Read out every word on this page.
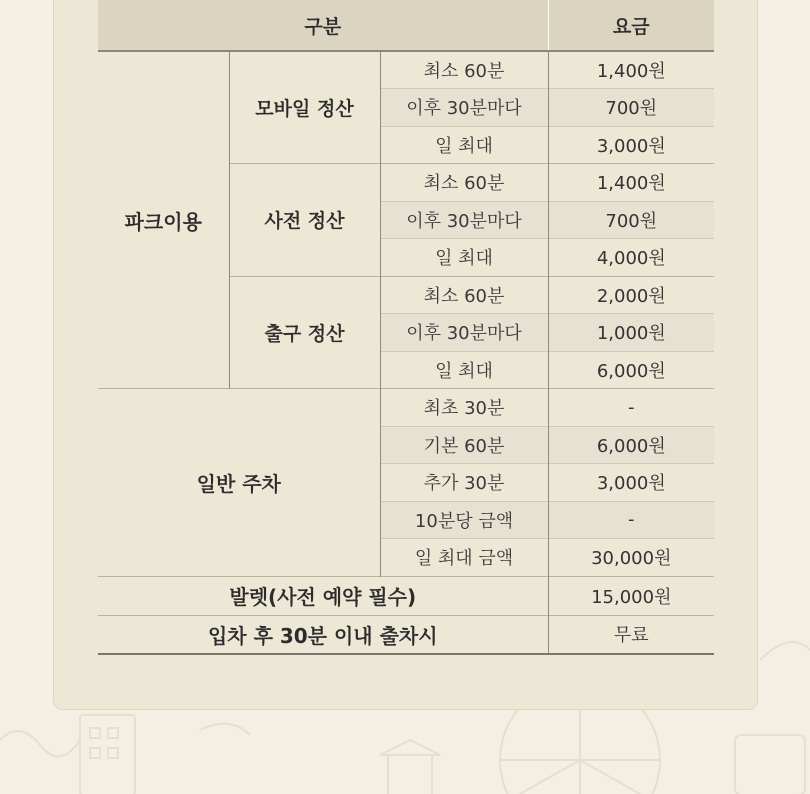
구분			요금
파크이용	모바일 정산	최소 60분	1,400원
		이후 30분마다	700원
		일 최대	3,000원
	사전 정산	최소 60분	1,400원
		이후 30분마다	700원
		일 최대	4,000원
	출구 정산	최소 60분	2,000원
		이후 30분마다	1,000원
		일 최대	6,000원
일반 주차		최초 30분	-
		기본 60분	6,000원
		추가 30분	3,000원
		10분당 금액	-
		일 최대 금액	30,000원
발렛(사전 예약 필수)			15,000원
입차 후 30분 이내 출차시			무료
